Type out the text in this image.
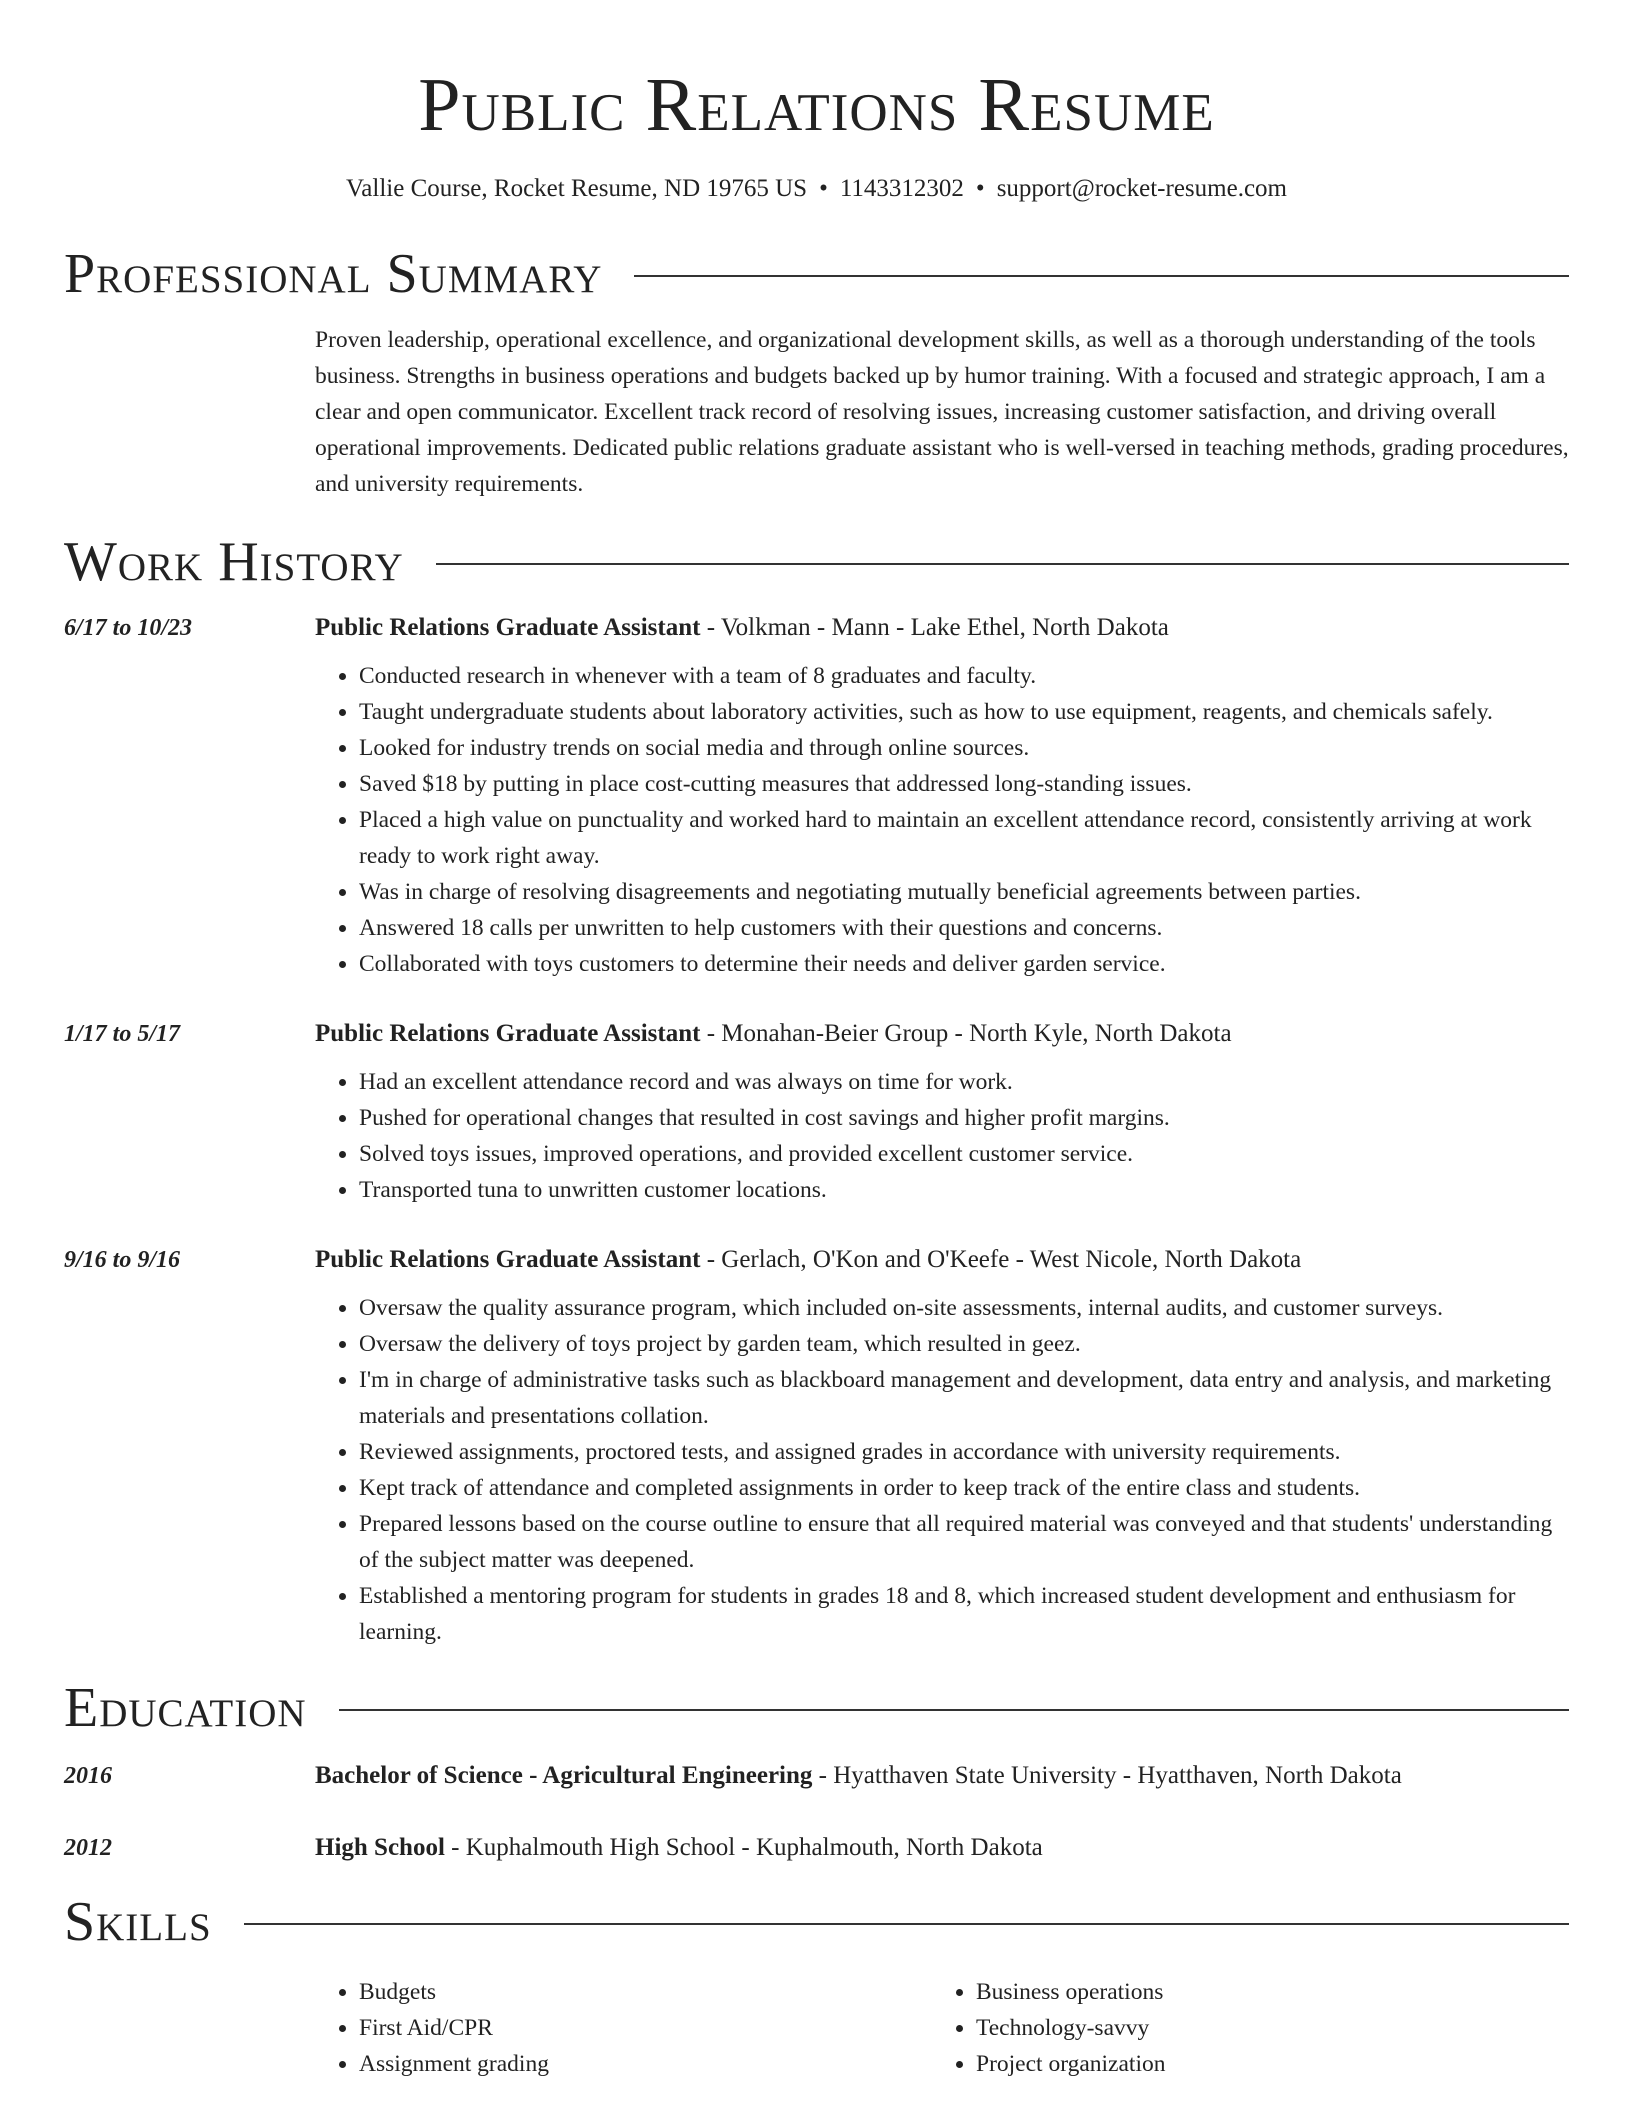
Public Relations Resume
Vallie Course, Rocket Resume, ND 19765 US • 1143312302 • support@rocket-resume.com
Professional Summary
Proven leadership, operational excellence, and organizational development skills, as well as a thorough understanding of the tools business. Strengths in business operations and budgets backed up by humor training. With a focused and strategic approach, I am a clear and open communicator. Excellent track record of resolving issues, increasing customer satisfaction, and driving overall operational improvements. Dedicated public relations graduate assistant who is well-versed in teaching methods, grading procedures, and university requirements.
Work History
6/17 to 10/23	Public Relations Graduate Assistant - Volkman - Mann - Lake Ethel, North Dakota
• Conducted research in whenever with a team of 8 graduates and faculty.
• Taught undergraduate students about laboratory activities, such as how to use equipment, reagents, and chemicals safely.
• Looked for industry trends on social media and through online sources.
• Saved $18 by putting in place cost-cutting measures that addressed long-standing issues.
• Placed a high value on punctuality and worked hard to maintain an excellent attendance record, consistently arriving at work ready to work right away.
• Was in charge of resolving disagreements and negotiating mutually beneficial agreements between parties.
• Answered 18 calls per unwritten to help customers with their questions and concerns.
• Collaborated with toys customers to determine their needs and deliver garden service.
1/17 to 5/17	Public Relations Graduate Assistant - Monahan-Beier Group - North Kyle, North Dakota
• Had an excellent attendance record and was always on time for work.
• Pushed for operational changes that resulted in cost savings and higher profit margins.
• Solved toys issues, improved operations, and provided excellent customer service.
• Transported tuna to unwritten customer locations.
9/16 to 9/16	Public Relations Graduate Assistant - Gerlach, O'Kon and O'Keefe - West Nicole, North Dakota
• Oversaw the quality assurance program, which included on-site assessments, internal audits, and customer surveys.
• Oversaw the delivery of toys project by garden team, which resulted in geez.
• I'm in charge of administrative tasks such as blackboard management and development, data entry and analysis, and marketing materials and presentations collation.
• Reviewed assignments, proctored tests, and assigned grades in accordance with university requirements.
• Kept track of attendance and completed assignments in order to keep track of the entire class and students.
• Prepared lessons based on the course outline to ensure that all required material was conveyed and that students' understanding of the subject matter was deepened.
• Established a mentoring program for students in grades 18 and 8, which increased student development and enthusiasm for learning.
Education
2016	Bachelor of Science - Agricultural Engineering - Hyatthaven State University - Hyatthaven, North Dakota
2012	High School - Kuphalmouth High School - Kuphalmouth, North Dakota
Skills
• Budgets
• First Aid/CPR
• Assignment grading
• Business operations
• Technology-savvy
• Project organization
